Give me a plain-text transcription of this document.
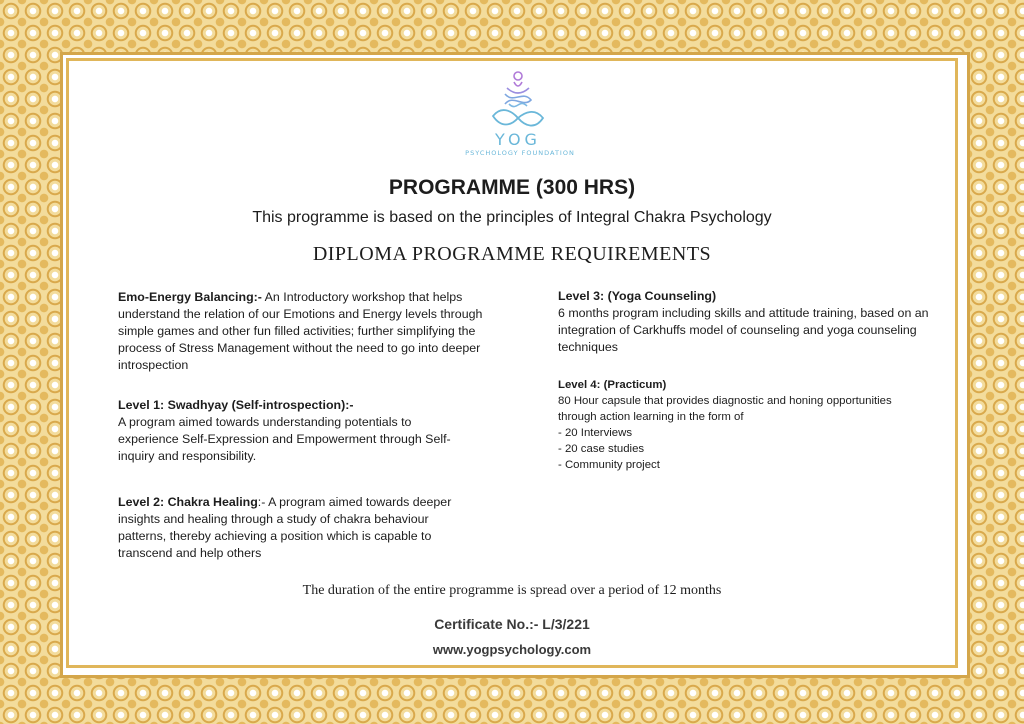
YOG
PSYCHOLOGY FOUNDATION
PROGRAMME (300 HRS)
This programme is based on the principles of Integral Chakra Psychology
DIPLOMA PROGRAMME REQUIREMENTS
Emo-Energy Balancing:- An Introductory workshop that helps understand the relation of our Emotions and Energy levels through simple games and other fun filled activities; further simplifying the process of Stress Management without the need to go into deeper introspection
Level 1: Swadhyay (Self-introspection):-
A program aimed towards understanding potentials to experience Self-Expression and Empowerment through Self-inquiry and responsibility.
Level 2: Chakra Healing:- A program aimed towards deeper insights and healing through a study of chakra behaviour patterns, thereby achieving a position which is capable to transcend and help others
Level 3: (Yoga Counseling)
6 months program including skills and attitude training, based on an integration of Carkhuffs model of counseling and yoga counseling techniques
Level 4: (Practicum)
80 Hour capsule that provides diagnostic and honing opportunities through action learning in the form of
- 20 Interviews
- 20 case studies
- Community project
The duration of the entire programme is spread over a period of 12 months
Certificate No.:- L/3/221
www.yogpsychology.com
